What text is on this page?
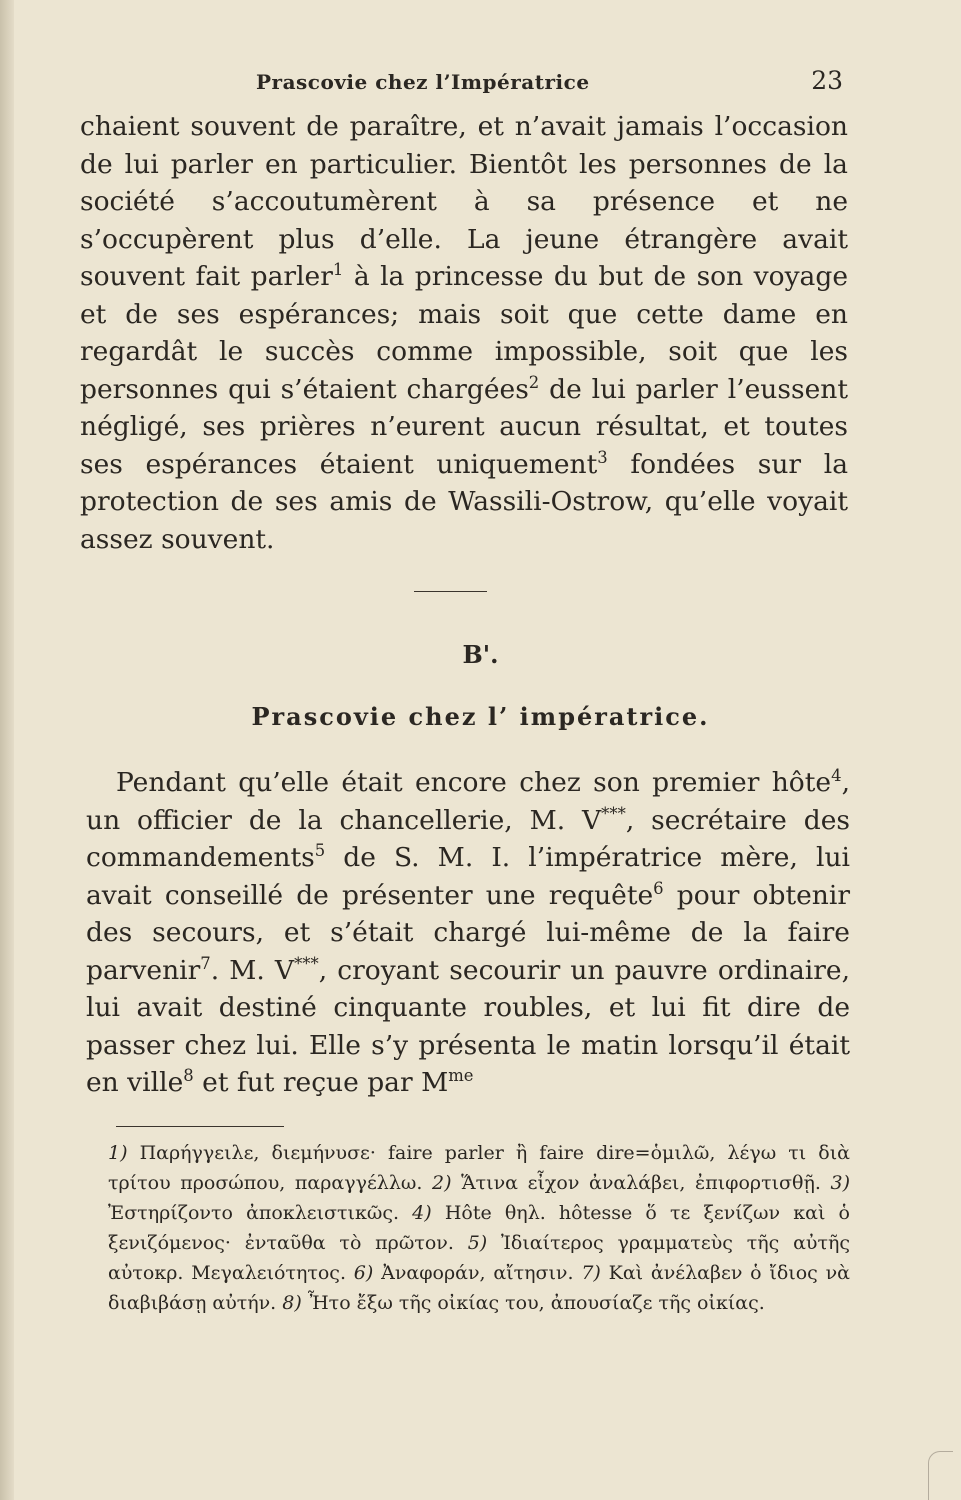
Prascovie chez l’Impératrice	23

chaient souvent de paraître, et n’avait jamais l’occasion de lui parler en particulier. Bientôt les personnes de la société s’accoutumèrent à sa présence et ne s’occupèrent plus d’elle. La jeune étrangère avait souvent fait parler$^1$ à la princesse du but de son voyage et de ses espérances; mais soit que cette dame en regardât le succès comme impossible, soit que les personnes qui s’étaient chargées$^2$ de lui parler l’eussent négligé, ses prières n’eurent aucun résultat, et toutes ses espérances étaient uniquement$^3$ fondées sur la protection de ses amis de Wassili-Ostrow, qu’elle voyait assez souvent.

B'.
Prascovie chez l’ impératrice.

Pendant qu’elle était encore chez son premier hôte$^4$, un officier de la chancellerie, M. V***, secrétaire des commandements$^5$ de S. M. I. l’impératrice mère, lui avait conseillé de présenter une requête$^6$ pour obtenir des secours, et s’était chargé lui-même de la faire parvenir$^7$. M. V***, croyant secourir un pauvre ordinaire, lui avait destiné cinquante roubles, et lui fit dire de passer chez lui. Elle s’y présenta le matin lorsqu’il était en ville$^8$ et fut reçue par $M^{me}$

1) Παρήγγειλε, διεμήνυσε· faire parler ἢ faire dire=ὁμιλῶ, λέγω τι διὰ τρίτου προσώπου, παραγγέλλω. 2) Ἅτινα εἶχον ἀναλάβει, ἐπιφορτισθῇ. 3) Ἐστηρίζοντο ἀποκλειστικῶς. 4) Hôte θηλ. hôtesse ὅ τε ξενίζων καὶ ὁ ξενιζόμενος· ἐνταῦθα τὸ πρῶτον. 5) Ἰδιαίτερος γραμματεὺς τῆς αὐτῆς αὐτοκρ. Μεγαλειότητος. 6) Ἀναφοράν, αἴτησιν. 7) Καὶ ἀνέλαβεν ὁ ἴδιος νὰ διαβιβάσῃ αὐτήν. 8) Ἦτο ἔξω τῆς οἰκίας του, ἀπουσίαζε τῆς οἰκίας.
